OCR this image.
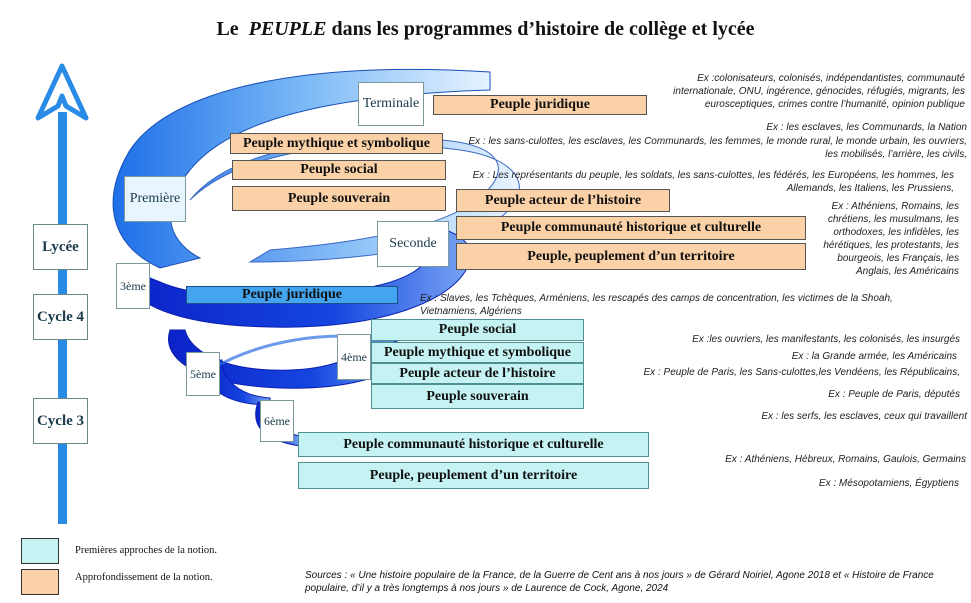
Le PEUPLE dans les programmes d’histoire de collège et lycée
Terminale
Première
Seconde
3ème
4ème
5ème
6ème
Lycée
Cycle 4
Cycle 3
Peuple juridique
Peuple mythique et symbolique
Peuple social
Peuple souverain	Peuple acteur de l’histoire
Peuple communauté historique et culturelle
Peuple, peuplement d’un territoire
Peuple juridique
Peuple social
Peuple mythique et symbolique
Peuple acteur de l’histoire
Peuple souverain
Peuple communauté historique et culturelle
Peuple, peuplement d’un territoire
Ex :colonisateurs, colonisés, indépendantistes, communauté
internationale, ONU, ingérence, génocides, réfugiés, migrants, les
eurosceptiques, crimes contre l’humanité, opinion publique
Ex : les esclaves, les Communards, la Nation
Ex : les sans-culottes, les esclaves, les Communards, les femmes, le monde rural, le monde urbain, les ouvriers,
les mobilisés, l’arrière, les civils,
Ex : Les représentants du peuple, les soldats, les sans-culottes, les fédérés, les Européens, les hommes, les
Allemands, les Italiens, les Prussiens,
Ex : Athéniens, Romains, les
chrétiens, les musulmans, les
orthodoxes, les infidèles, les
hérétiques, les protestants, les
bourgeois, les Français, les
Anglais, les Américains
Ex : Slaves, les Tchèques, Arméniens, les rescapés des camps de concentration, les victimes de la Shoah,
Vietnamiens, Algériens
Ex :les ouvriers, les manifestants, les colonisés, les insurgés
Ex : la Grande armée, les Américains
Ex : Peuple de Paris, les Sans-culottes,les Vendéens, les Républicains,
Ex : Peuple de Paris, députés
Ex : les serfs, les esclaves, ceux qui travaillent
Ex : Athéniens, Hébreux, Romains, Gaulois, Germains
Ex : Mésopotamiens, Égyptiens
Premières approches de la notion.
Approfondissement de la notion.	Sources : « Une histoire populaire de la France, de la Guerre de Cent ans à nos jours » de Gérard Noiriel, Agone 2018 et « Histoire de France populaire, d’il y a très longtemps à nos jours » de Laurence de Cock, Agone, 2024
